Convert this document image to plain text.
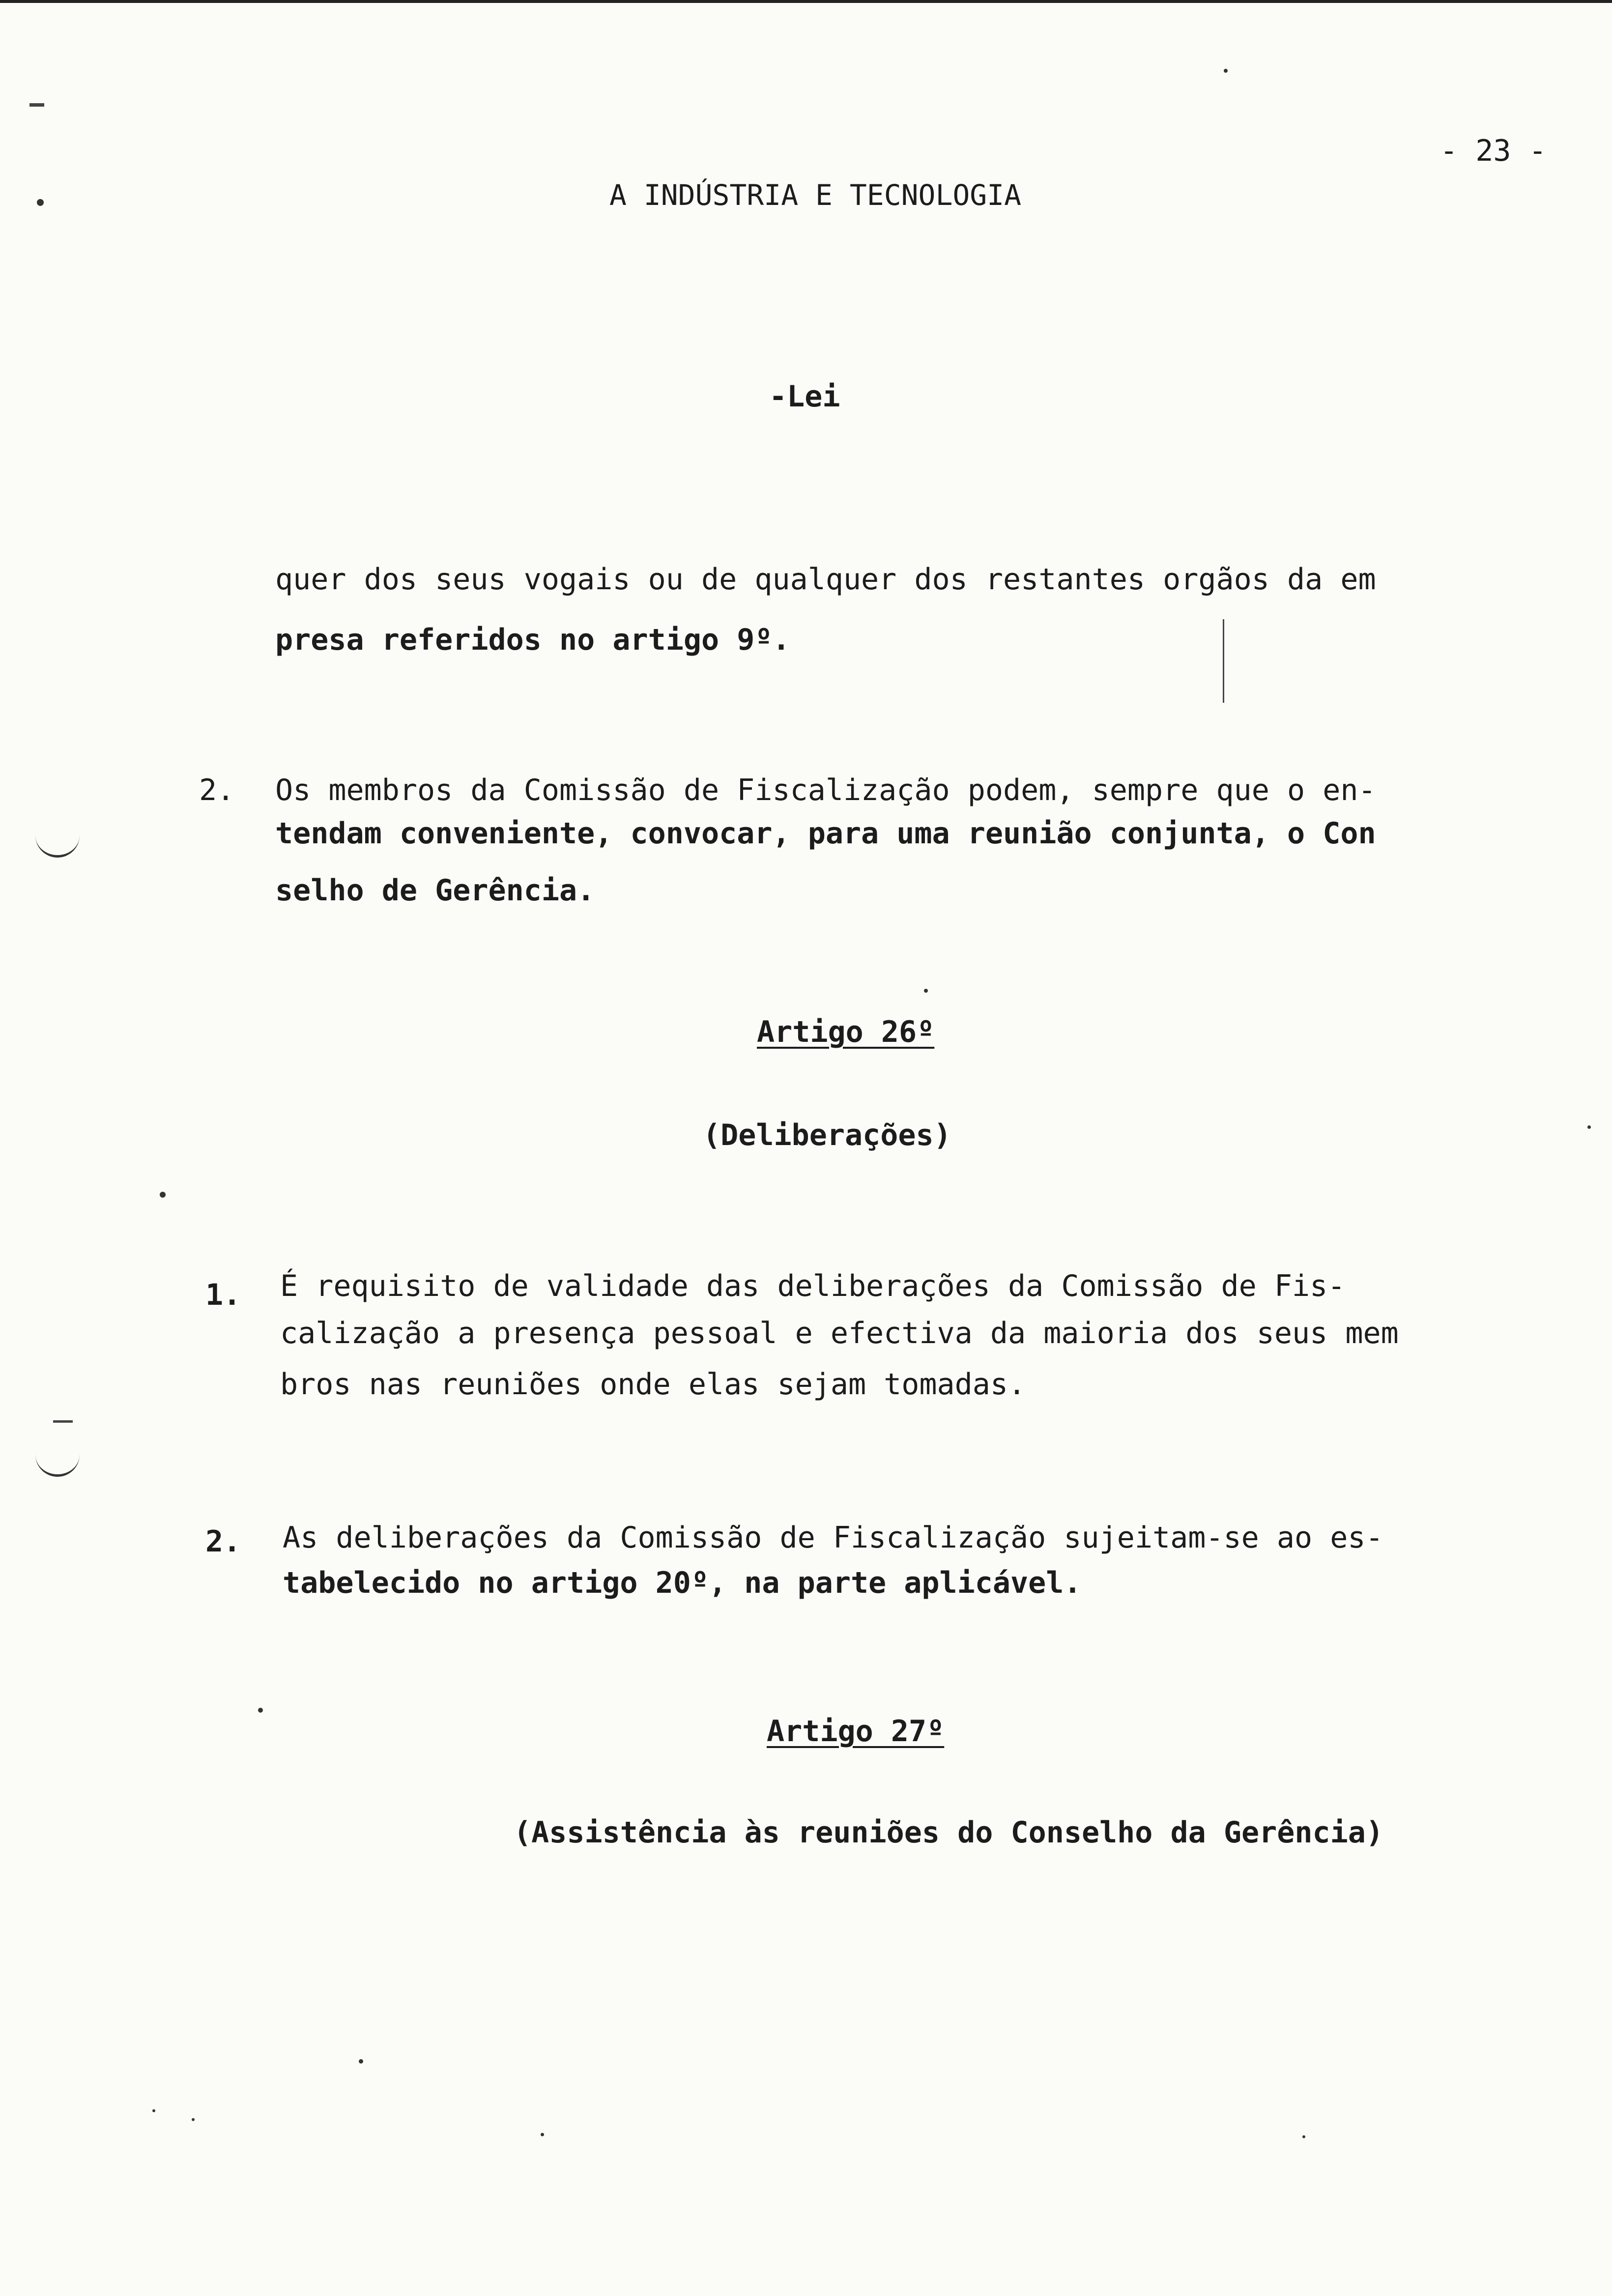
- 23 -
A INDÚSTRIA E TECNOLOGIA
-Lei
quer dos seus vogais ou de qualquer dos restantes orgãos da em
presa referidos no artigo 9º.
2. Os membros da Comissão de Fiscalização podem, sempre que o en-
tendam conveniente, convocar, para uma reunião conjunta, o Con
selho de Gerência.
Artigo 26º
(Deliberações)
1. É requisito de validade das deliberações da Comissão de Fis-
calização a presença pessoal e efectiva da maioria dos seus mem
bros nas reuniões onde elas sejam tomadas.
2. As deliberações da Comissão de Fiscalização sujeitam-se ao es-
tabelecido no artigo 20º, na parte aplicável.
Artigo 27º
(Assistência às reuniões do Conselho da Gerência)
